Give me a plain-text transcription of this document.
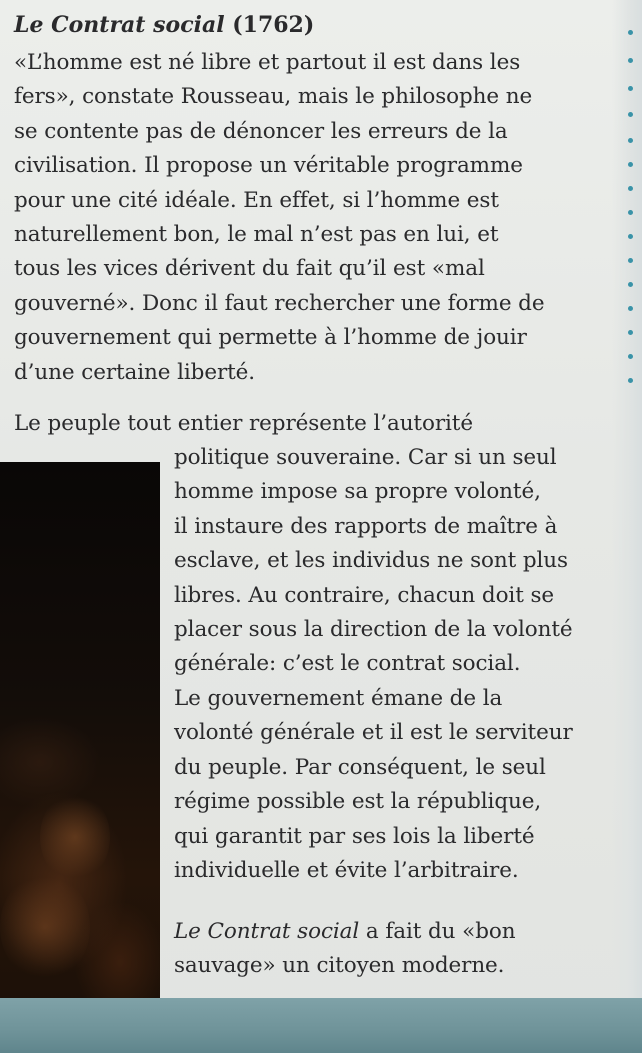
Le Contrat social (1762)
«L’homme est né libre et partout il est dans les
fers», constate Rousseau, mais le philosophe ne
se contente pas de dénoncer les erreurs de la
civilisation. Il propose un véritable programme
pour une cité idéale. En effet, si l’homme est
naturellement bon, le mal n’est pas en lui, et
tous les vices dérivent du fait qu’il est «mal
gouverné». Donc il faut rechercher une forme de
gouvernement qui permette à l’homme de jouir
d’une certaine liberté.
Le peuple tout entier représente l’autorité
politique souveraine. Car si un seul
homme impose sa propre volonté,
il instaure des rapports de maître à
esclave, et les individus ne sont plus
libres. Au contraire, chacun doit se
placer sous la direction de la volonté
générale: c’est le contrat social.
Le gouvernement émane de la
volonté générale et il est le serviteur
du peuple. Par conséquent, le seul
régime possible est la république,
qui garantit par ses lois la liberté
individuelle et évite l’arbitraire.
Le Contrat social a fait du «bon
sauvage» un citoyen moderne.
